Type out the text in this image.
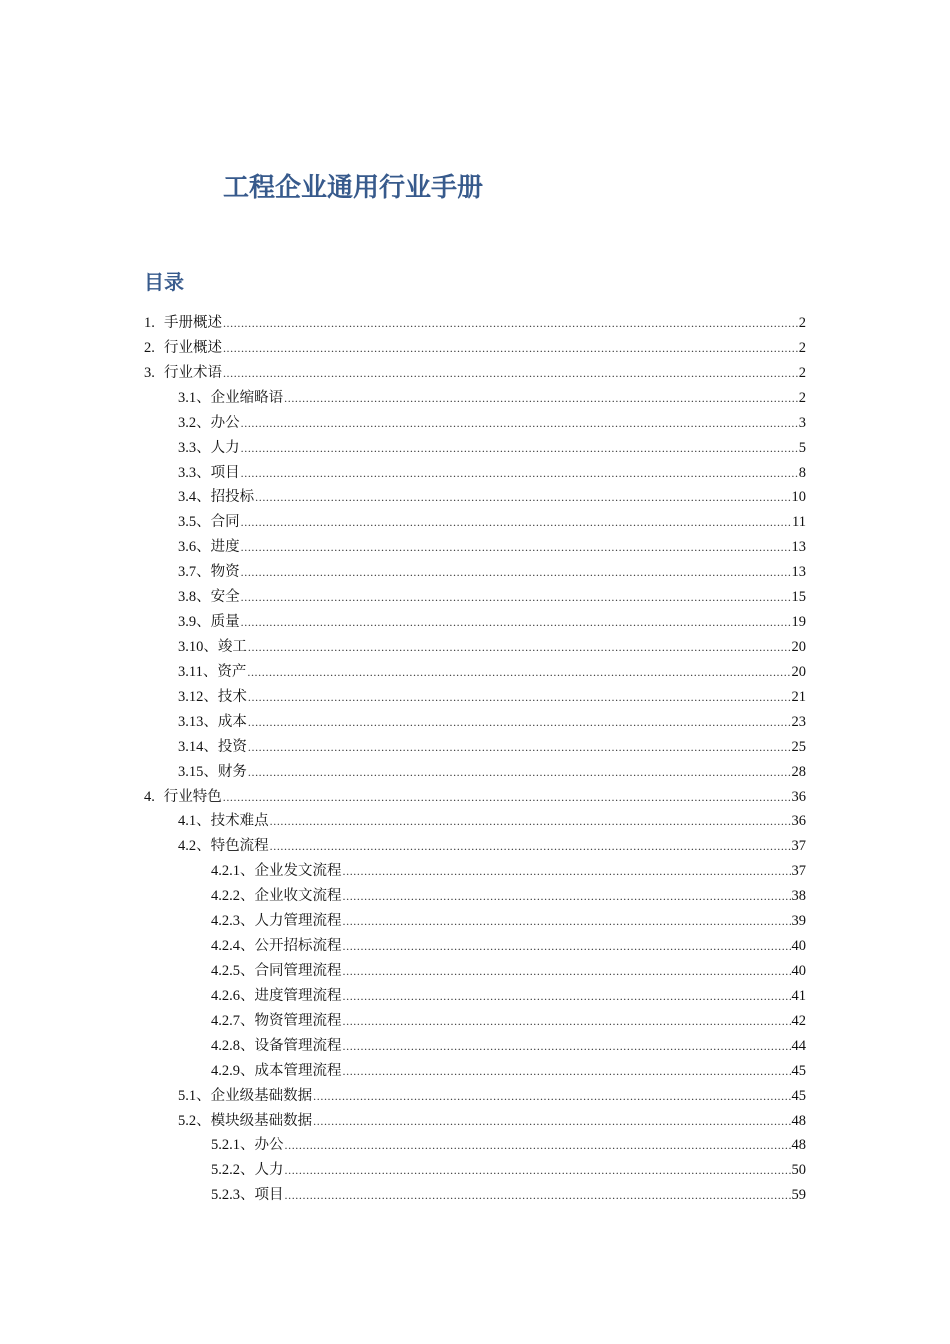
工程企业通用行业手册
目录
1. 手册概述 .....	2
2. 行业概述 .....	2
3. 行业术语 .....	2
3.1 、 企业缩略语 .....	2
3.2 、 办公 .....	3
3.3 、 人力 .....	5
3.3 、 项目 .....	8
3.4 、 招投标 .....	10
3.5 、 合同 .....	11
3.6 、 进度 .....	13
3.7 、 物资 .....	13
3.8 、 安全 .....	15
3.9 、 质量 .....	19
3.10 、 竣工 .....	20
3.11 、 资产 .....	20
3.12 、 技术 .....	21
3.13 、 成本 .....	23
3.14 、 投资 .....	25
3.15 、 财务 .....	28
4. 行业特色 .....	36
4.1 、 技术难点 .....	36
4.2 、 特色流程 .....	37
4.2.1 、 企业发文流程 .....	37
4.2.2 、 企业收文流程 .....	38
4.2.3 、 人力管理流程 .....	39
4.2.4 、 公开招标流程 .....	40
4.2.5 、 合同管理流程 .....	40
4.2.6 、 进度管理流程 .....	41
4.2.7 、 物资管理流程 .....	42
4.2.8 、 设备管理流程 .....	44
4.2.9 、 成本管理流程 .....	45
5.1、 企业级基础数据 .....	45
5.2、 模块级基础数据 .....	48
5.2.1 、 办公 .....	48
5.2.2 、 人力 .....	50
5.2.3 、 项目 .....	59
